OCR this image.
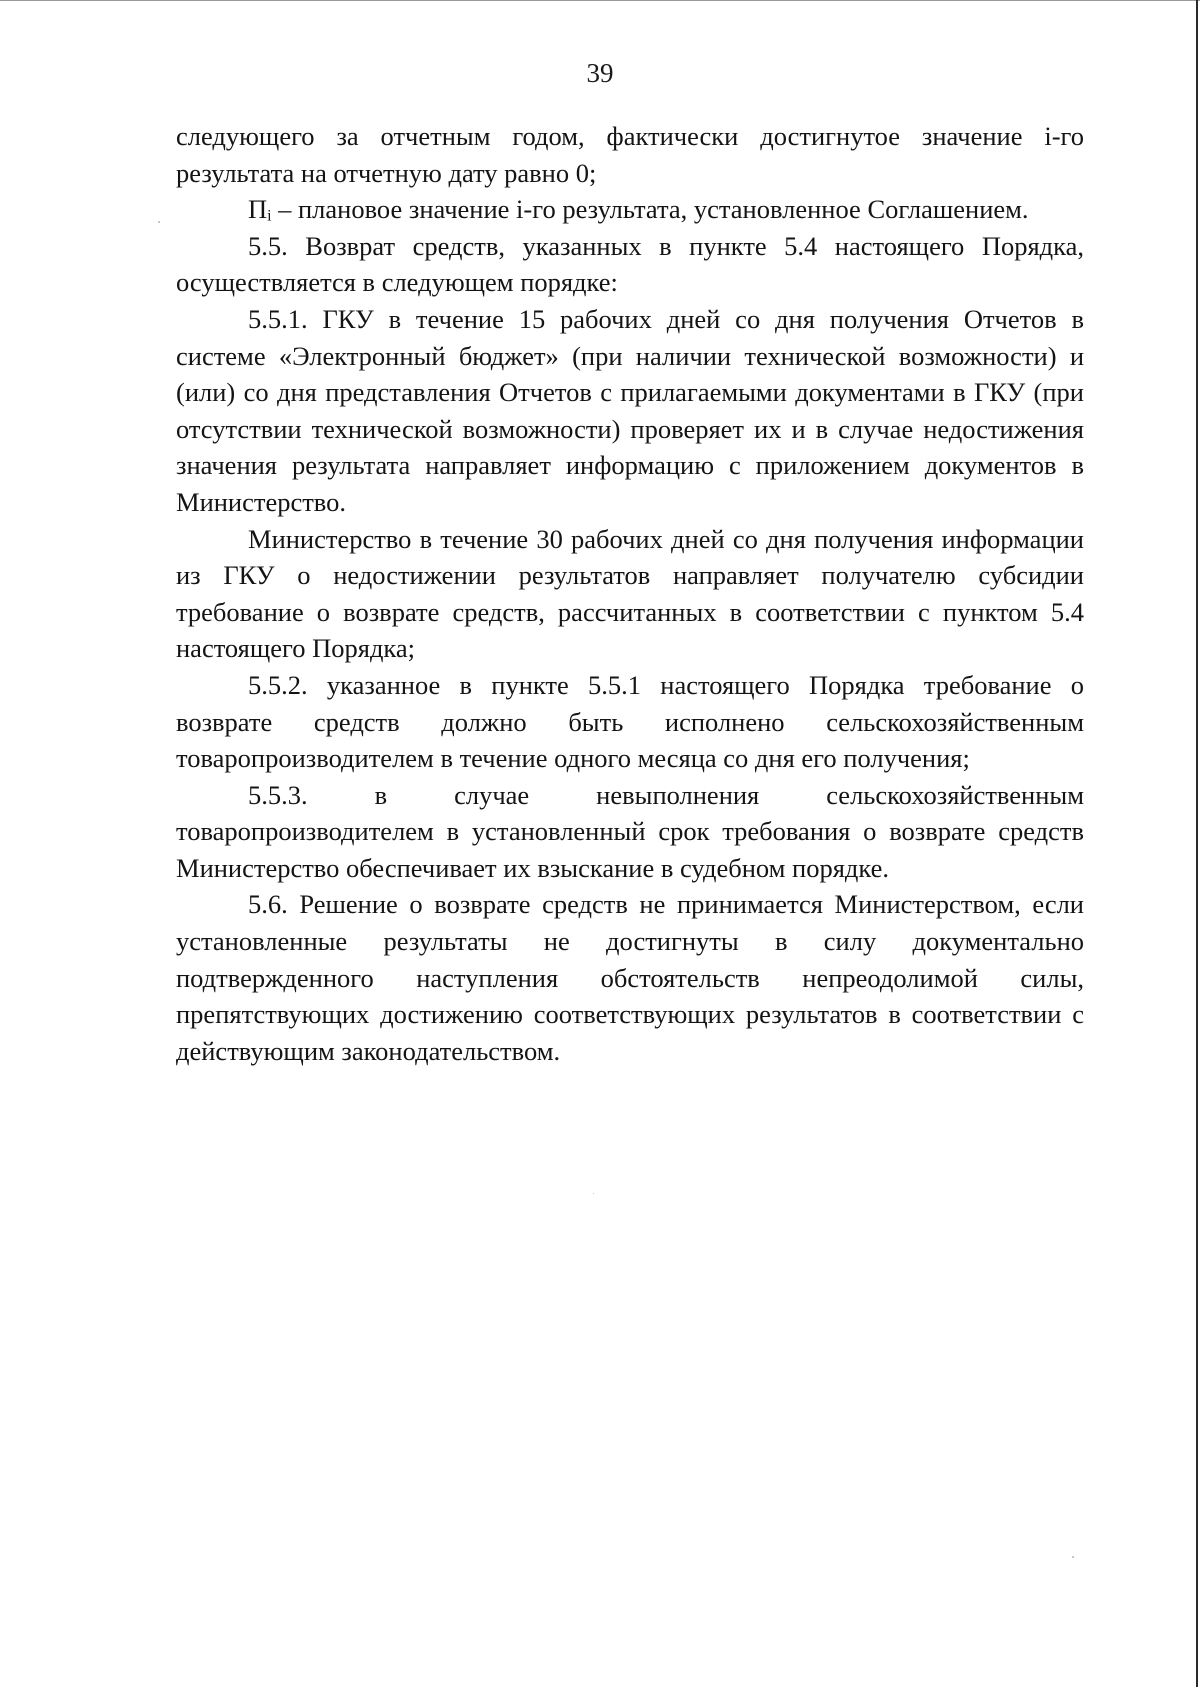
39

следующего за отчетным годом, фактически достигнутое значение i-го результата на отчетную дату равно 0;

Пᵢ – плановое значение i-го результата, установленное Соглашением.

5.5. Возврат средств, указанных в пункте 5.4 настоящего Порядка, осуществляется в следующем порядке:

5.5.1. ГКУ в течение 15 рабочих дней со дня получения Отчетов в системе «Электронный бюджет» (при наличии технической возможности) и (или) со дня представления Отчетов с прилагаемыми документами в ГКУ (при отсутствии технической возможности) проверяет их и в случае недостижения значения результата направляет информацию с приложением документов в Министерство.

Министерство в течение 30 рабочих дней со дня получения информации из ГКУ о недостижении результатов направляет получателю субсидии требование о возврате средств, рассчитанных в соответствии с пунктом 5.4 настоящего Порядка;

5.5.2. указанное в пункте 5.5.1 настоящего Порядка требование о возврате средств должно быть исполнено сельскохозяйственным товаропроизводителем в течение одного месяца со дня его получения;

5.5.3. в случае невыполнения сельскохозяйственным товаропроизводителем в установленный срок требования о возврате средств Министерство обеспечивает их взыскание в судебном порядке.

5.6. Решение о возврате средств не принимается Министерством, если установленные результаты не достигнуты в силу документально подтвержденного наступления обстоятельств непреодолимой силы, препятствующих достижению соответствующих результатов в соответствии с действующим законодательством.
